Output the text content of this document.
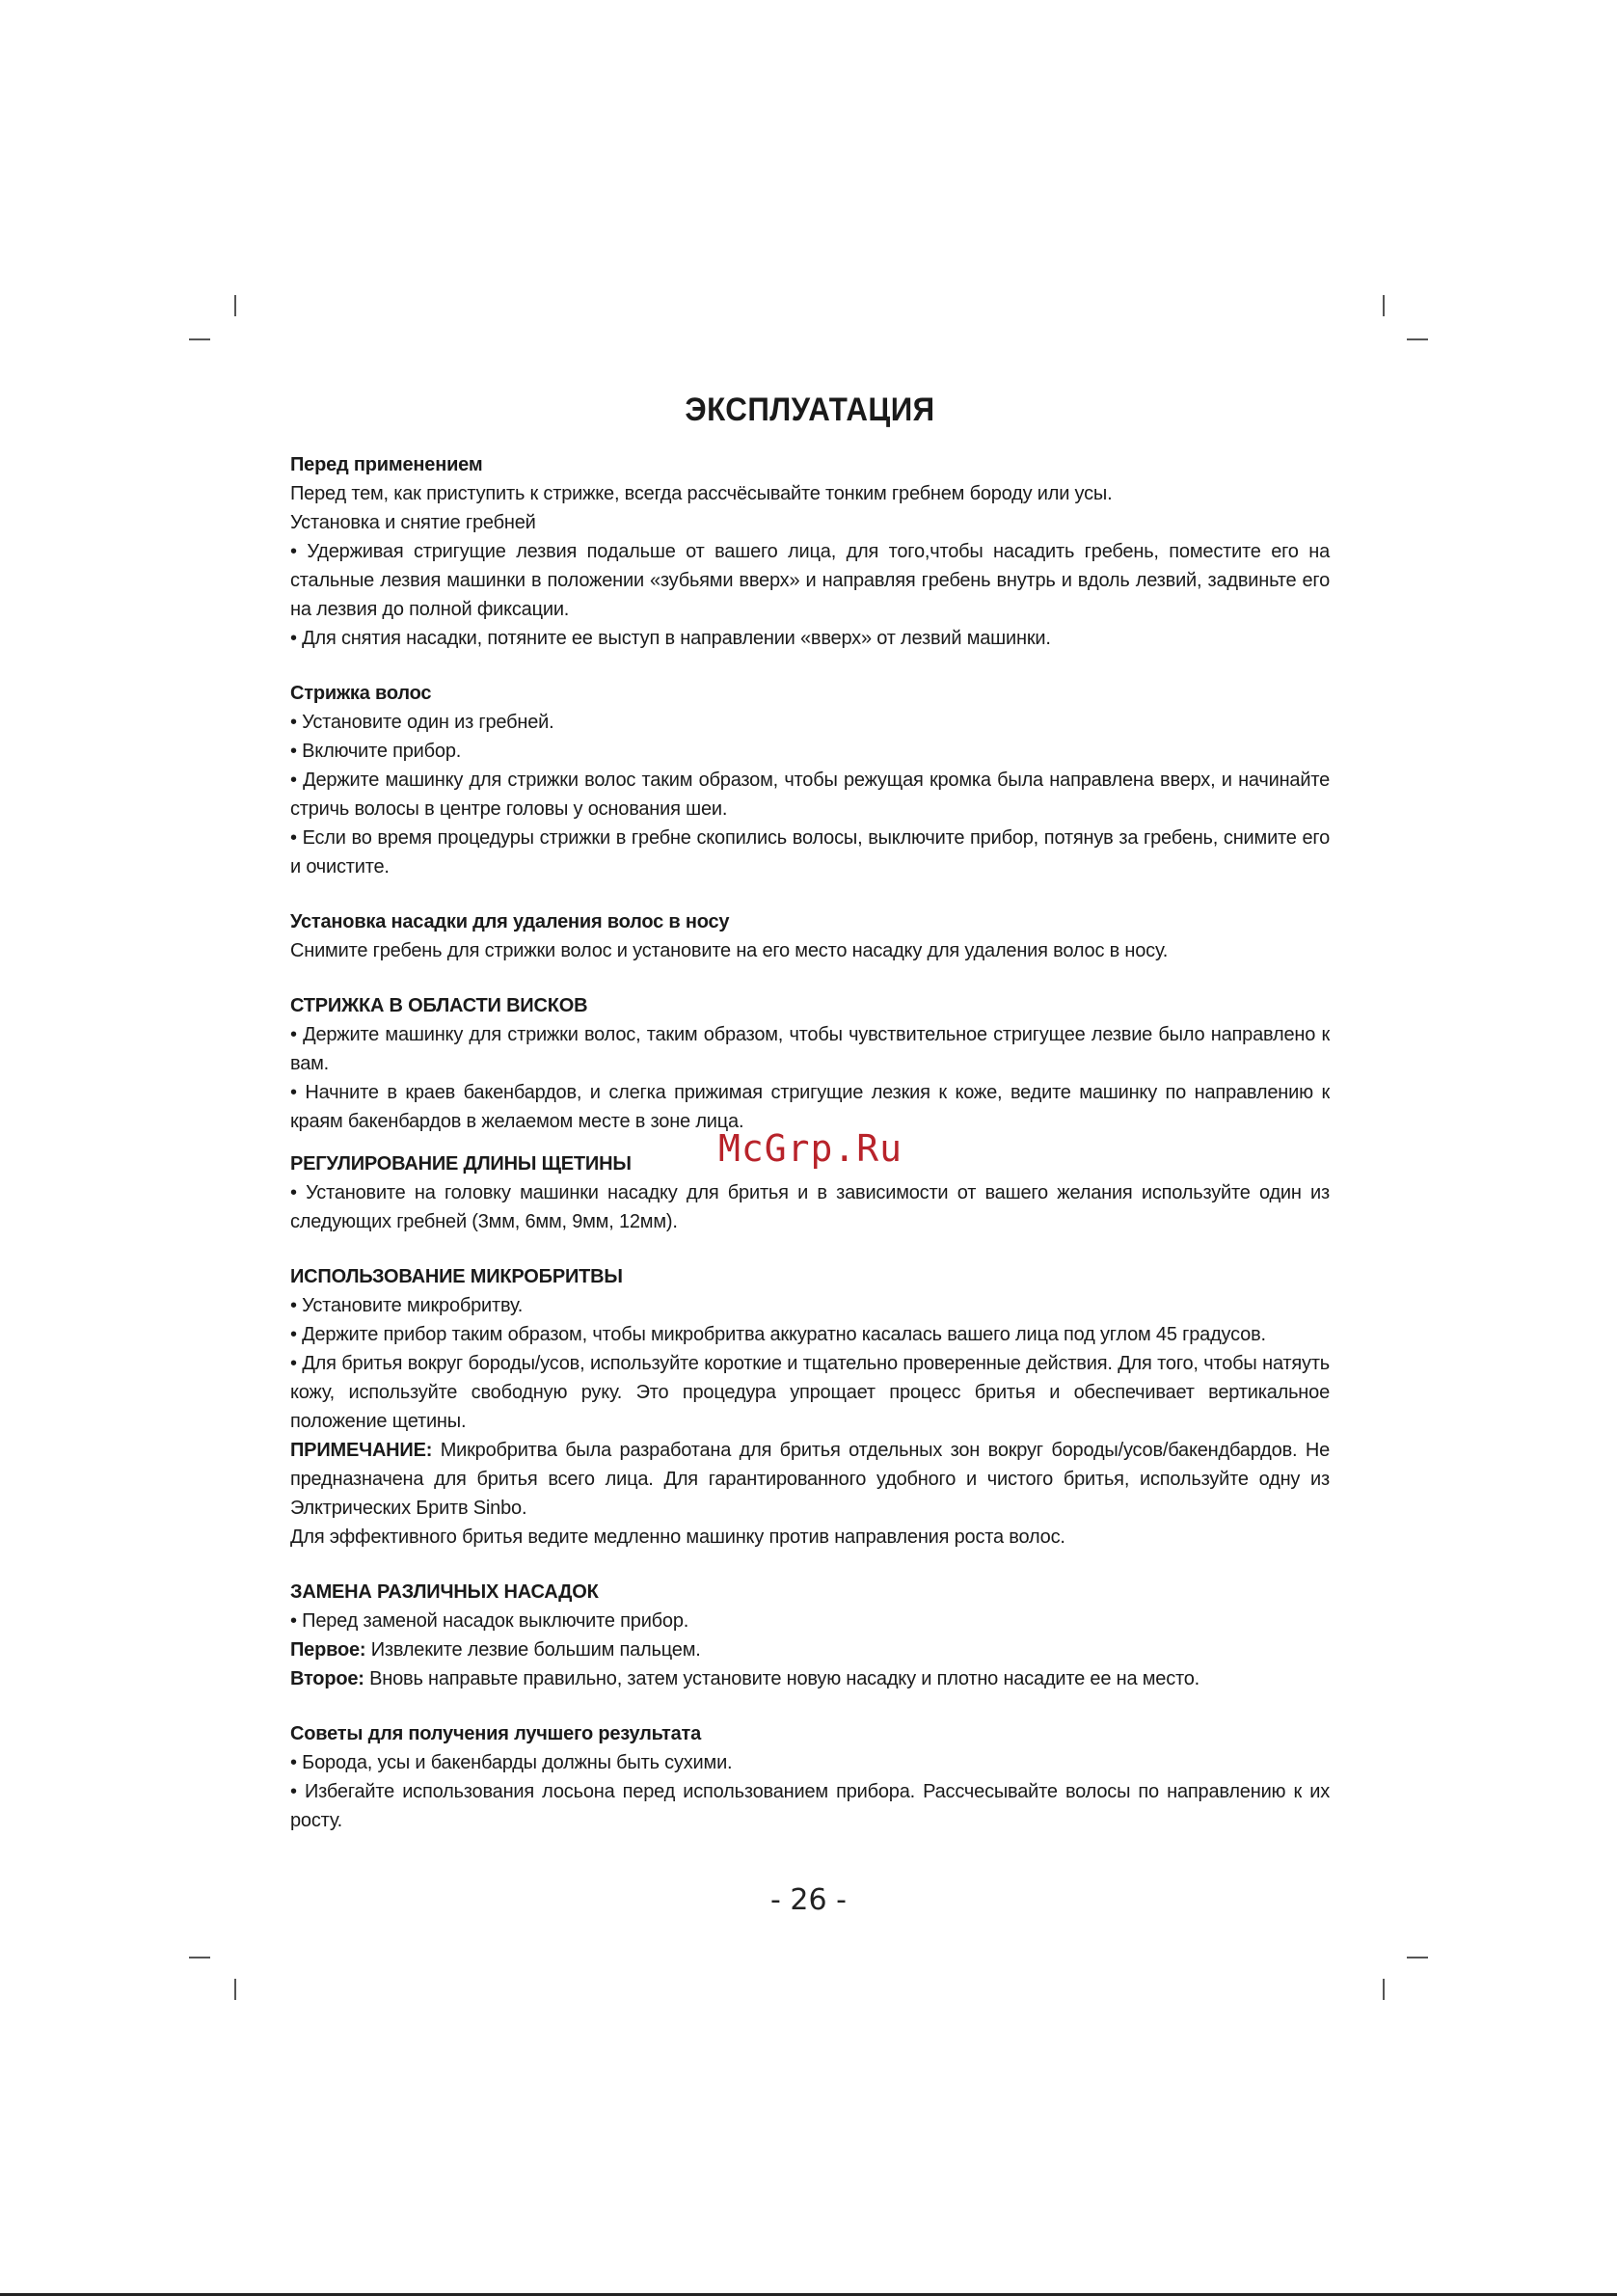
ЭКСПЛУАТАЦИЯ

Перед применением

Перед тем, как приступить к стрижке, всегда рассчёсывайте тонким гребнем бороду или усы.

Установка и снятие гребней

• Удерживая стригущие лезвия подальше от вашего лица, для того,чтобы насадить гребень, поместите его на стальные лезвия машинки в положении «зубьями вверх» и направляя гребень внутрь и вдоль лезвий, задвиньте его на лезвия до полной фиксации.

• Для снятия насадки, потяните ее выступ в направлении «вверх» от лезвий машинки.

Стрижка волос

• Установите один из гребней.

• Включите прибор.

• Держите машинку для стрижки волос таким образом, чтобы режущая кромка была направлена вверх, и начинайте стричь волосы в центре головы у основания шеи.

• Если во время процедуры стрижки в гребне скопились волосы, выключите прибор, потянув за гребень, снимите его и очистите.

Установка насадки для удаления волос в носу

Снимите гребень для стрижки волос и установите на его место насадку для удаления волос в носу.

СТРИЖКА В ОБЛАСТИ ВИСКОВ

• Держите машинку для стрижки волос, таким образом, чтобы чувствительное стригущее лезвие было направлено к вам.

• Начните в краев бакенбардов, и слегка прижимая стригущие лезкия к коже, ведите машинку по направлению к краям бакенбардов в желаемом месте в зоне лица.

РЕГУЛИРОВАНИЕ ДЛИНЫ ЩЕТИНЫ

• Установите на головку машинки насадку для бритья и в зависимости от вашего желания используйте один из следующих гребней (3мм, 6мм, 9мм, 12мм).

ИСПОЛЬЗОВАНИЕ МИКРОБРИТВЫ

• Установите микробритву.

• Держите прибор таким образом, чтобы микробритва аккуратно касалась вашего лица под углом 45 градусов.

• Для бритья вокруг бороды/усов, используйте короткие и тщательно проверенные действия. Для того, чтобы натяуть кожу, используйте свободную руку. Это процедура упрощает процесс бритья и обеспечивает вертикальное положение щетины.

ПРИМЕЧАНИЕ: Микробритва была разработана для бритья отдельных зон вокруг бороды/усов/бакендбардов. Не предназначена для бритья всего лица. Для гарантированного удобного и чистого бритья, используйте одну из Элктрических Бритв Sinbo.

Для эффективного бритья ведите медленно машинку против направления роста волос.

ЗАМЕНА РАЗЛИЧНЫХ НАСАДОК

• Перед заменой насадок выключите прибор.

Первое: Извлеките лезвие большим пальцем.

Второе: Вновь направьте правильно, затем установите новую насадку и плотно насадите ее на место.

Советы для получения лучшего результата

• Борода, усы и бакенбарды должны быть сухими.

• Избегайте использования лосьона перед использованием прибора. Рассчесывайте волосы по направлению к их росту.

McGrp.Ru
- 26 -
